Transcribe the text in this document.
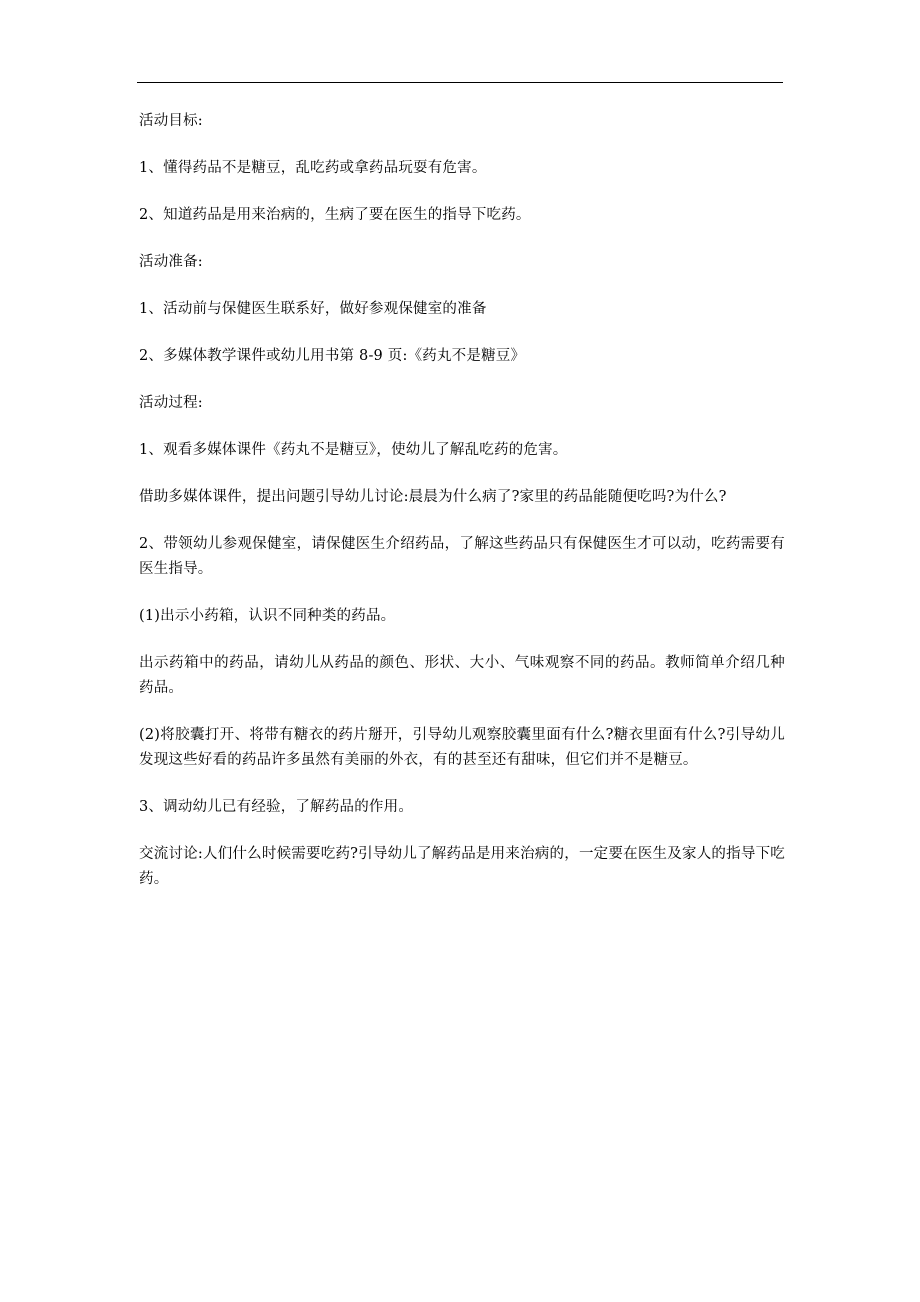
活动目标:

1、懂得药品不是糖豆，乱吃药或拿药品玩耍有危害。

2、知道药品是用来治病的，生病了要在医生的指导下吃药。

活动准备:

1、活动前与保健医生联系好，做好参观保健室的准备

2、多媒体教学课件或幼儿用书第 8-9 页:《药丸不是糖豆》

活动过程:

1、观看多媒体课件《药丸不是糖豆》，使幼儿了解乱吃药的危害。

借助多媒体课件，提出问题引导幼儿讨论:晨晨为什么病了?家里的药品能随便吃吗?为什么?

2、带领幼儿参观保健室，请保健医生介绍药品，了解这些药品只有保健医生才可以动，吃药需要有医生指导。

(1)出示小药箱，认识不同种类的药品。

出示药箱中的药品，请幼儿从药品的颜色、形状、大小、气味观察不同的药品。教师简单介绍几种药品。

(2)将胶囊打开、将带有糖衣的药片掰开，引导幼儿观察胶囊里面有什么?糖衣里面有什么?引导幼儿发现这些好看的药品许多虽然有美丽的外衣，有的甚至还有甜味，但它们并不是糖豆。

3、调动幼儿已有经验，了解药品的作用。

交流讨论:人们什么时候需要吃药?引导幼儿了解药品是用来治病的，一定要在医生及家人的指导下吃药。
